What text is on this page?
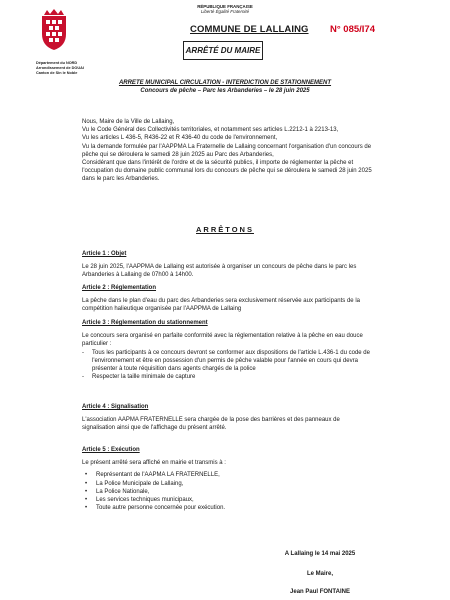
RÉPUBLIQUE FRANÇAISE
Liberté Égalité Fraternité
COMMUNE DE LALLAING N° 085/I74
ARRÊTÉ DU MAIRE
Département du NORD
Arrondissement de DOUAI
Canton de Sin le Noble
ARRETE MUNICIPAL CIRCULATION - INTERDICTION DE STATIONNEMENT
Concours de pêche – Parc les Arbanderies – le 28 juin 2025
Nous, Maire de la Ville de Lallaing,
Vu le Code Général des Collectivités territoriales, et notamment ses articles L.2212-1 à 2213-13,
Vu les articles L 436-5, R436-22 et R 436-40 du code de l'environnement,
Vu la demande formulée par l'AAPPMA La Fraternelle de Lallaing concernant l'organisation d'un concours de pêche qui se déroulera le samedi 28 juin 2025 au Parc des Arbanderies,
Considérant que dans l'intérêt de l'ordre et de la sécurité publics, il importe de réglementer la pêche et l'occupation du domaine public communal lors du concours de pêche qui se déroulera le samedi 28 juin 2025 dans le parc les Arbanderies.
ARRÊTONS
Article 1 : Objet
Le 28 juin 2025, l'AAPPMA de Lallaing est autorisée à organiser un concours de pêche dans le parc les Arbanderies à Lallaing de 07h00 à 14h00.
Article 2 : Réglementation
La pêche dans le plan d'eau du parc des Arbanderies sera exclusivement réservée aux participants de la compétition halieutique organisée par l'AAPPMA de Lallaing
Article 3 : Réglementation du stationnement
Le concours sera organisé en parfaite conformité avec la réglementation relative à la pêche en eau douce particulier :
- Tous les participants à ce concours devront se conformer aux dispositions de l'article L.436-1 du code de l'environnement et être en possession d'un permis de pêche valable pour l'année en cours qui devra présenter à toute réquisition dans agents chargés de la police
- Respecter la taille minimale de capture
Article 4 : Signalisation
L'association AAPMA FRATERNELLE sera chargée de la pose des barrières et des panneaux de signalisation ainsi que de l'affichage du présent arrêté.
Article 5 : Exécution
Le présent arrêté sera affiché en mairie et transmis à :
• Représentant de l'AAPMA LA FRATERNELLE,
• La Police Municipale de Lallaing,
• La Police Nationale,
• Les services techniques municipaux,
• Toute autre personne concernée pour exécution.
A Lallaing le 14 mai 2025
Le Maire,
Jean Paul FONTAINE
